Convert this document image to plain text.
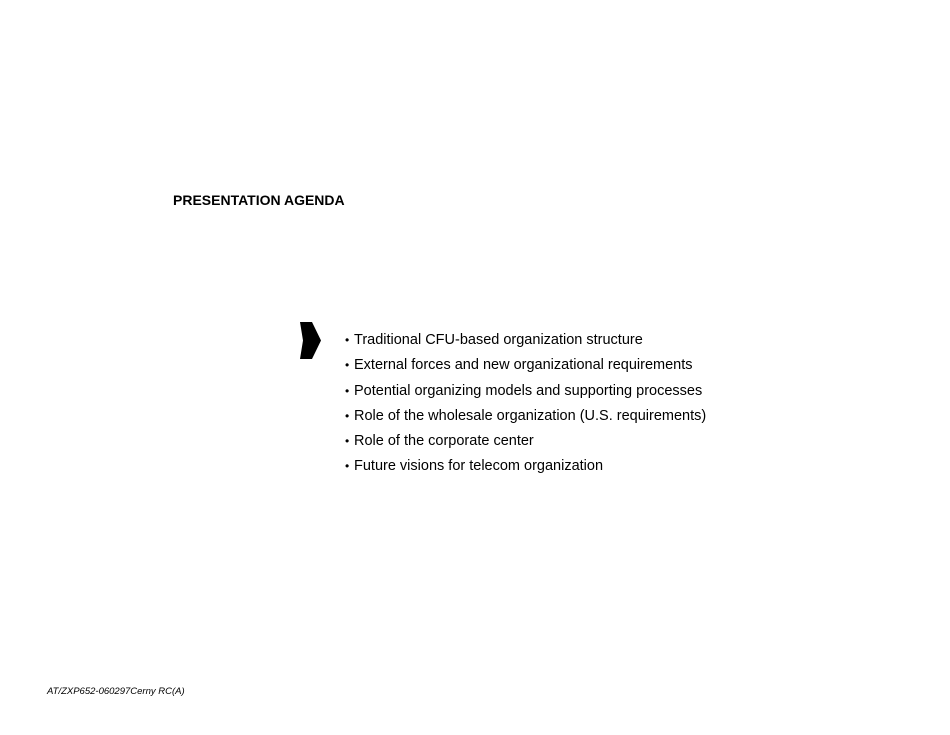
PRESENTATION AGENDA
• Traditional CFU-based organization structure
• External forces and new organizational requirements
• Potential organizing models and supporting processes
• Role of the wholesale organization (U.S. requirements)
• Role of the corporate center
• Future visions for telecom organization
AT/ZXP652-060297Cerny RC(A)
